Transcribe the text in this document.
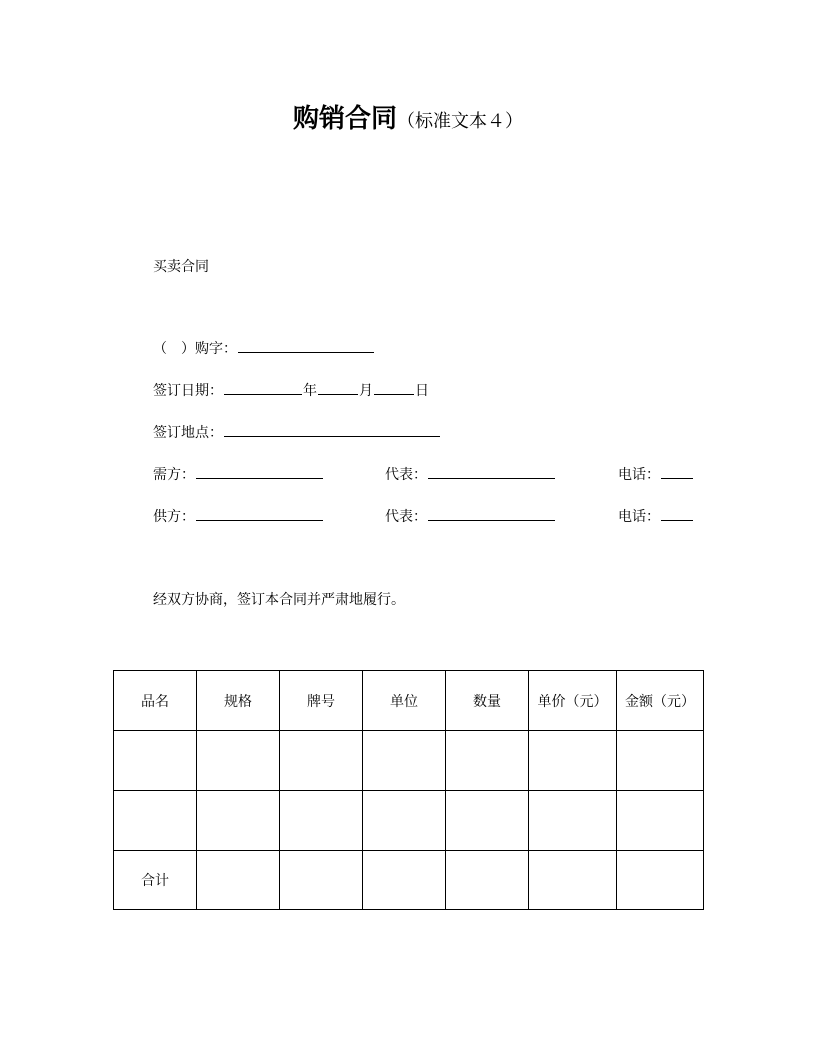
购销合同（标准文本４）
买卖合同
（　）购字：
签订日期：	年	月	日
签订地点：
需方：	代表：	电话：
供方：	代表：	电话：
经双方协商，签订本合同并严肃地履行。
品名	规格	牌号	单位	数量	单价（元）	金额（元）

合计						
